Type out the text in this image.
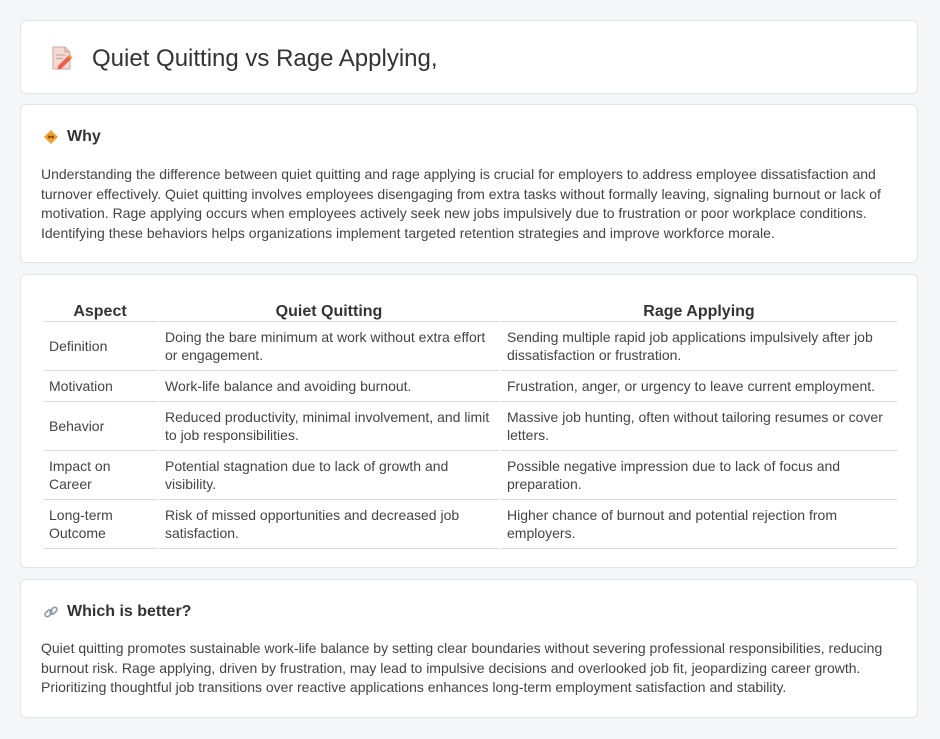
Quiet Quitting vs Rage Applying,
Why

Understanding the difference between quiet quitting and rage applying is crucial for employers to address employee dissatisfaction and turnover effectively. Quiet quitting involves employees disengaging from extra tasks without formally leaving, signaling burnout or lack of motivation. Rage applying occurs when employees actively seek new jobs impulsively due to frustration or poor workplace conditions. Identifying these behaviors helps organizations implement targeted retention strategies and improve workforce morale.

Aspect	Quiet Quitting	Rage Applying
Definition	Doing the bare minimum at work without extra effort or engagement.	Sending multiple rapid job applications impulsively after job dissatisfaction or frustration.
Motivation	Work-life balance and avoiding burnout.	Frustration, anger, or urgency to leave current employment.
Behavior	Reduced productivity, minimal involvement, and limit to job responsibilities.	Massive job hunting, often without tailoring resumes or cover letters.
Impact on Career	Potential stagnation due to lack of growth and visibility.	Possible negative impression due to lack of focus and preparation.
Long-term Outcome	Risk of missed opportunities and decreased job satisfaction.	Higher chance of burnout and potential rejection from employers.
Which is better?

Quiet quitting promotes sustainable work-life balance by setting clear boundaries without severing professional responsibilities, reducing burnout risk. Rage applying, driven by frustration, may lead to impulsive decisions and overlooked job fit, jeopardizing career growth. Prioritizing thoughtful job transitions over reactive applications enhances long-term employment satisfaction and stability.
